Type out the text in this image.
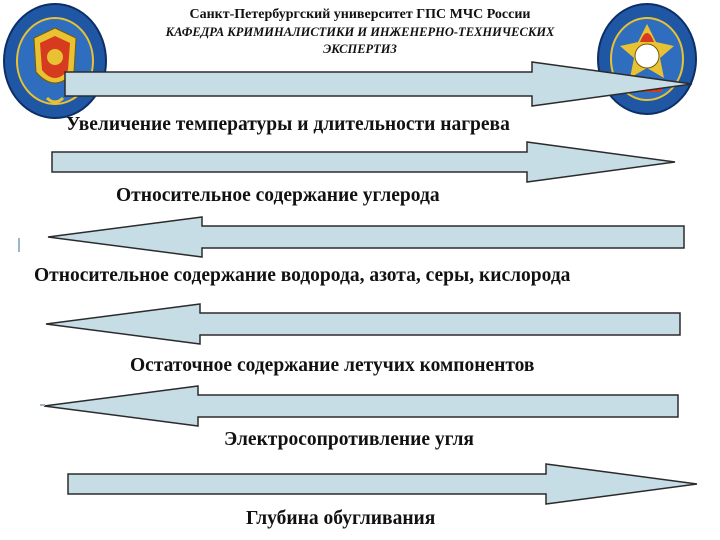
Санкт-Петербургский университет ГПС МЧС России
КАФЕДРА КРИМИНАЛИСТИКИ И ИНЖЕНЕРНО-ТЕХНИЧЕСКИХ
ЭКСПЕРТИЗ
Увеличение температуры и длительности нагрева
Относительное содержание углерода
Относительное содержание водорода, азота, серы, кислорода
Остаточное содержание летучих компонентов
Электросопротивление угля
Глубина обугливания
